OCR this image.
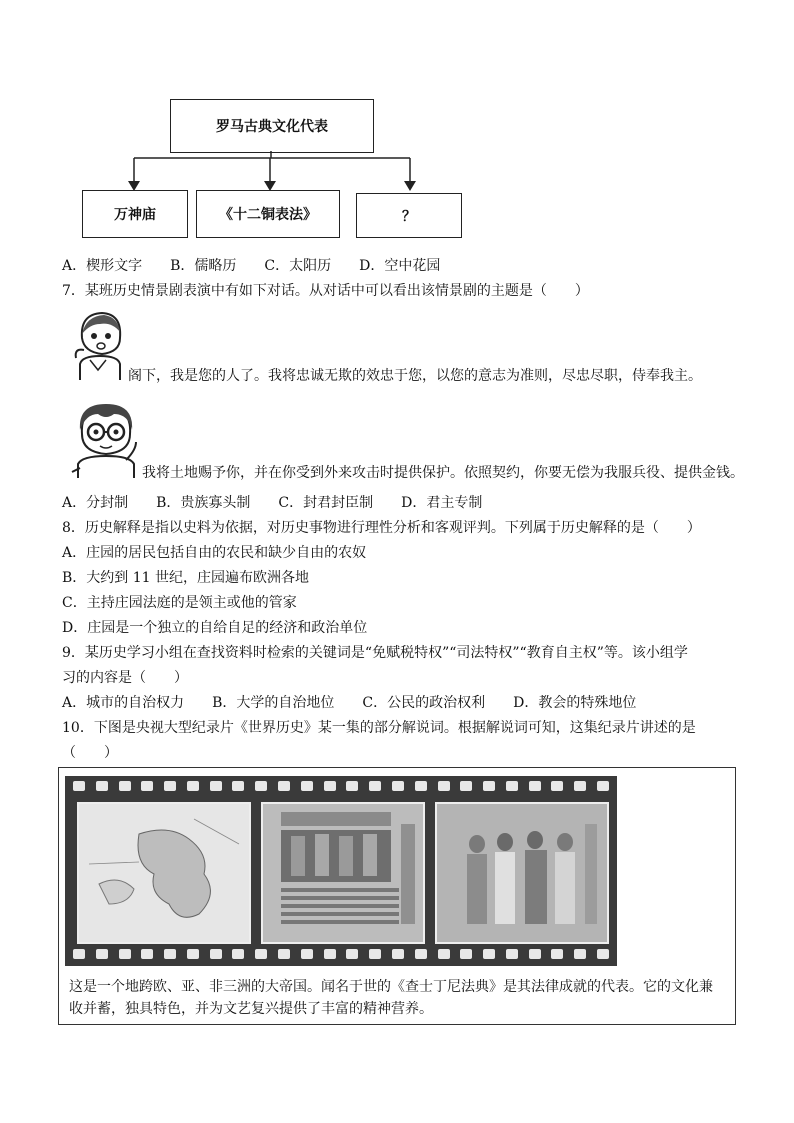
罗马古典文化代表
万神庙	《十二铜表法》	？
A．楔形文字　　B．儒略历　　C．太阳历　　D．空中花园
7．某班历史情景剧表演中有如下对话。从对话中可以看出该情景剧的主题是（　　）
阁下，我是您的人了。我将忠诚无欺的效忠于您，以您的意志为准则，尽忠尽职，侍奉我主。
我将土地赐予你，并在你受到外来攻击时提供保护。依照契约，你要无偿为我服兵役、提供金钱。
A．分封制　　B．贵族寡头制　　C．封君封臣制　　D．君主专制
8．历史解释是指以史料为依据，对历史事物进行理性分析和客观评判。下列属于历史解释的是（　　）
A．庄园的居民包括自由的农民和缺少自由的农奴
B．大约到 11 世纪，庄园遍布欧洲各地
C．主持庄园法庭的是领主或他的管家
D．庄园是一个独立的自给自足的经济和政治单位
9．某历史学习小组在查找资料时检索的关键词是“免赋税特权”“司法特权”“教育自主权”等。该小组学
习的内容是（　　）
A．城市的自治权力　　B．大学的自治地位　　C．公民的政治权利　　D．教会的特殊地位
10．下图是央视大型纪录片《世界历史》某一集的部分解说词。根据解说词可知，这集纪录片讲述的是
（　　）
这是一个地跨欧、亚、非三洲的大帝国。闻名于世的《查士丁尼法典》是其法律成就的代表。它的文化兼收并蓄，独具特色，并为文艺复兴提供了丰富的精神营养。
